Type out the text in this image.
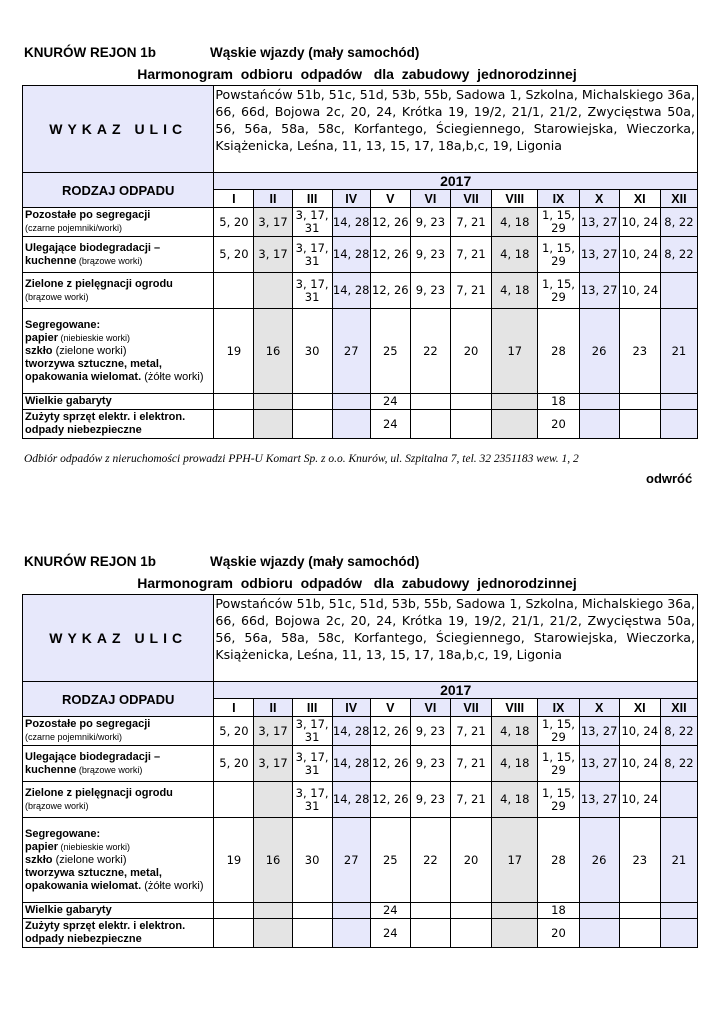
KNURÓW REJON 1b	Wąskie wjazdy (mały samochód)
Harmonogram  odbioru  odpadów   dla  zabudowy  jednorodzinnej
WYKAZ ULIC	Powstańców 51b, 51c, 51d, 53b, 55b, Sadowa 1, Szkolna, Michalskiego 36a, 66, 66d, Bojowa 2c, 20, 24, Krótka 19, 19/2, 21/1, 21/2, Zwycięstwa 50a, 56, 56a, 58a, 58c, Korfantego, Ściegiennego, Starowiejska, Wieczorka, Książenicka, Leśna, 11, 13, 15, 17, 18a,b,c, 19, Ligonia											
RODZAJ ODPADU	2017											
	I	II	III	IV	V	VI	VII	VIII	IX	X	XI	XII
Pozostałe po segregacji
(czarne pojemniki/worki)	5, 20	3, 17	3, 17, 31	14, 28	12, 26	9, 23	7, 21	4, 18	1, 15, 29	13, 27	10, 24	8, 22
Ulegające biodegradacji –
kuchenne (brązowe worki)	5, 20	3, 17	3, 17, 31	14, 28	12, 26	9, 23	7, 21	4, 18	1, 15, 29	13, 27	10, 24	8, 22
Zielone z pielęgnacji ogrodu
(brązowe worki)			3, 17, 31	14, 28	12, 26	9, 23	7, 21	4, 18	1, 15, 29	13, 27	10, 24	
Segregowane:
papier (niebieskie worki)
szkło (zielone worki)
tworzywa sztuczne, metal,
opakowania wielomat. (żółte worki)	19	16	30	27	25	22	20	17	28	26	23	21
Wielkie gabaryty					24				18			
Zużyty sprzęt elektr. i elektron.
odpady niebezpieczne					24				20			
Odbiór odpadów z nieruchomości prowadzi PPH-U Komart Sp. z o.o. Knurów, ul. Szpitalna 7, tel. 32 2351183 wew. 1, 2
odwróć
KNURÓW REJON 1b	Wąskie wjazdy (mały samochód)
Harmonogram  odbioru  odpadów   dla  zabudowy  jednorodzinnej
WYKAZ ULIC	Powstańców 51b, 51c, 51d, 53b, 55b, Sadowa 1, Szkolna, Michalskiego 36a, 66, 66d, Bojowa 2c, 20, 24, Krótka 19, 19/2, 21/1, 21/2, Zwycięstwa 50a, 56, 56a, 58a, 58c, Korfantego, Ściegiennego, Starowiejska, Wieczorka, Książenicka, Leśna, 11, 13, 15, 17, 18a,b,c, 19, Ligonia											
RODZAJ ODPADU	2017											
	I	II	III	IV	V	VI	VII	VIII	IX	X	XI	XII
Pozostałe po segregacji
(czarne pojemniki/worki)	5, 20	3, 17	3, 17, 31	14, 28	12, 26	9, 23	7, 21	4, 18	1, 15, 29	13, 27	10, 24	8, 22
Ulegające biodegradacji –
kuchenne (brązowe worki)	5, 20	3, 17	3, 17, 31	14, 28	12, 26	9, 23	7, 21	4, 18	1, 15, 29	13, 27	10, 24	8, 22
Zielone z pielęgnacji ogrodu
(brązowe worki)			3, 17, 31	14, 28	12, 26	9, 23	7, 21	4, 18	1, 15, 29	13, 27	10, 24	
Segregowane:
papier (niebieskie worki)
szkło (zielone worki)
tworzywa sztuczne, metal,
opakowania wielomat. (żółte worki)	19	16	30	27	25	22	20	17	28	26	23	21
Wielkie gabaryty					24				18			
Zużyty sprzęt elektr. i elektron.
odpady niebezpieczne					24				20			
